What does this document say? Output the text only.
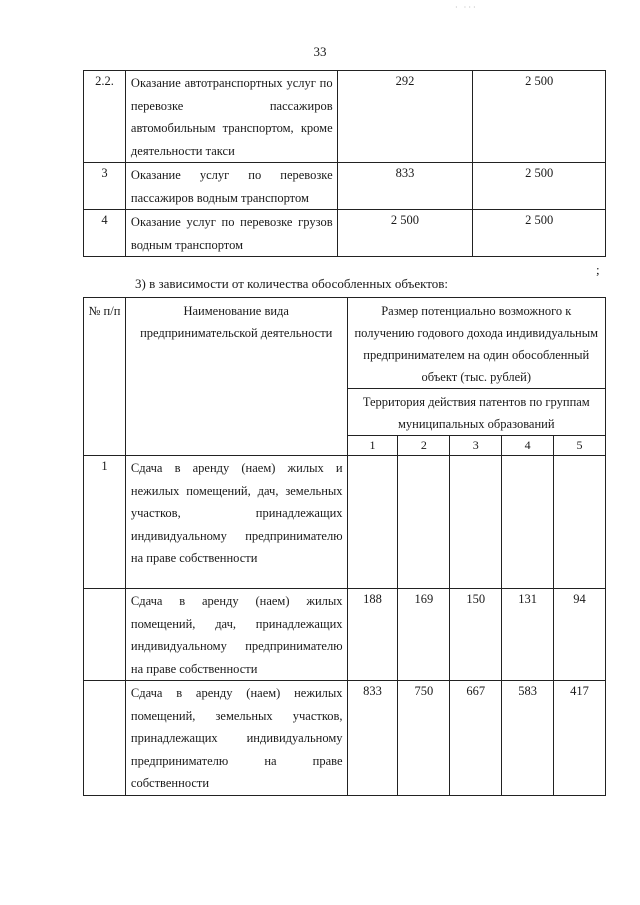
· ···
33
2.2.	Оказание автотранспортных услуг по перевозке пассажиров автомобильным транспортом, кроме деятельности такси	292	2 500
3	Оказание услуг по перевозке пассажиров водным транспортом	833	2 500
4	Оказание услуг по перевозке грузов водным транспортом	2 500	2 500
;
3) в зависимости от количества обособленных объектов:
№ п/п	Наименование вида предпринимательской деятельности	Размер потенциально возможного к получению годового дохода индивидуальным предпринимателем на один обособленный объект (тыс. рублей)				
		Территория действия патентов по группам муниципальных образований				
		1	2	3	4	5
1	Сдача в аренду (наем) жилых и нежилых помещений, дач, земельных участков, принадлежащих индивидуальному предпринимателю на праве собственности					
	Сдача в аренду (наем) жилых помещений, дач, принадлежащих индивидуальному предпринимателю на праве собственности	188	169	150	131	94
	Сдача в аренду (наем) нежилых помещений, земельных участков, принадлежащих индивидуальному предпринимателю на праве собственности	833	750	667	583	417
